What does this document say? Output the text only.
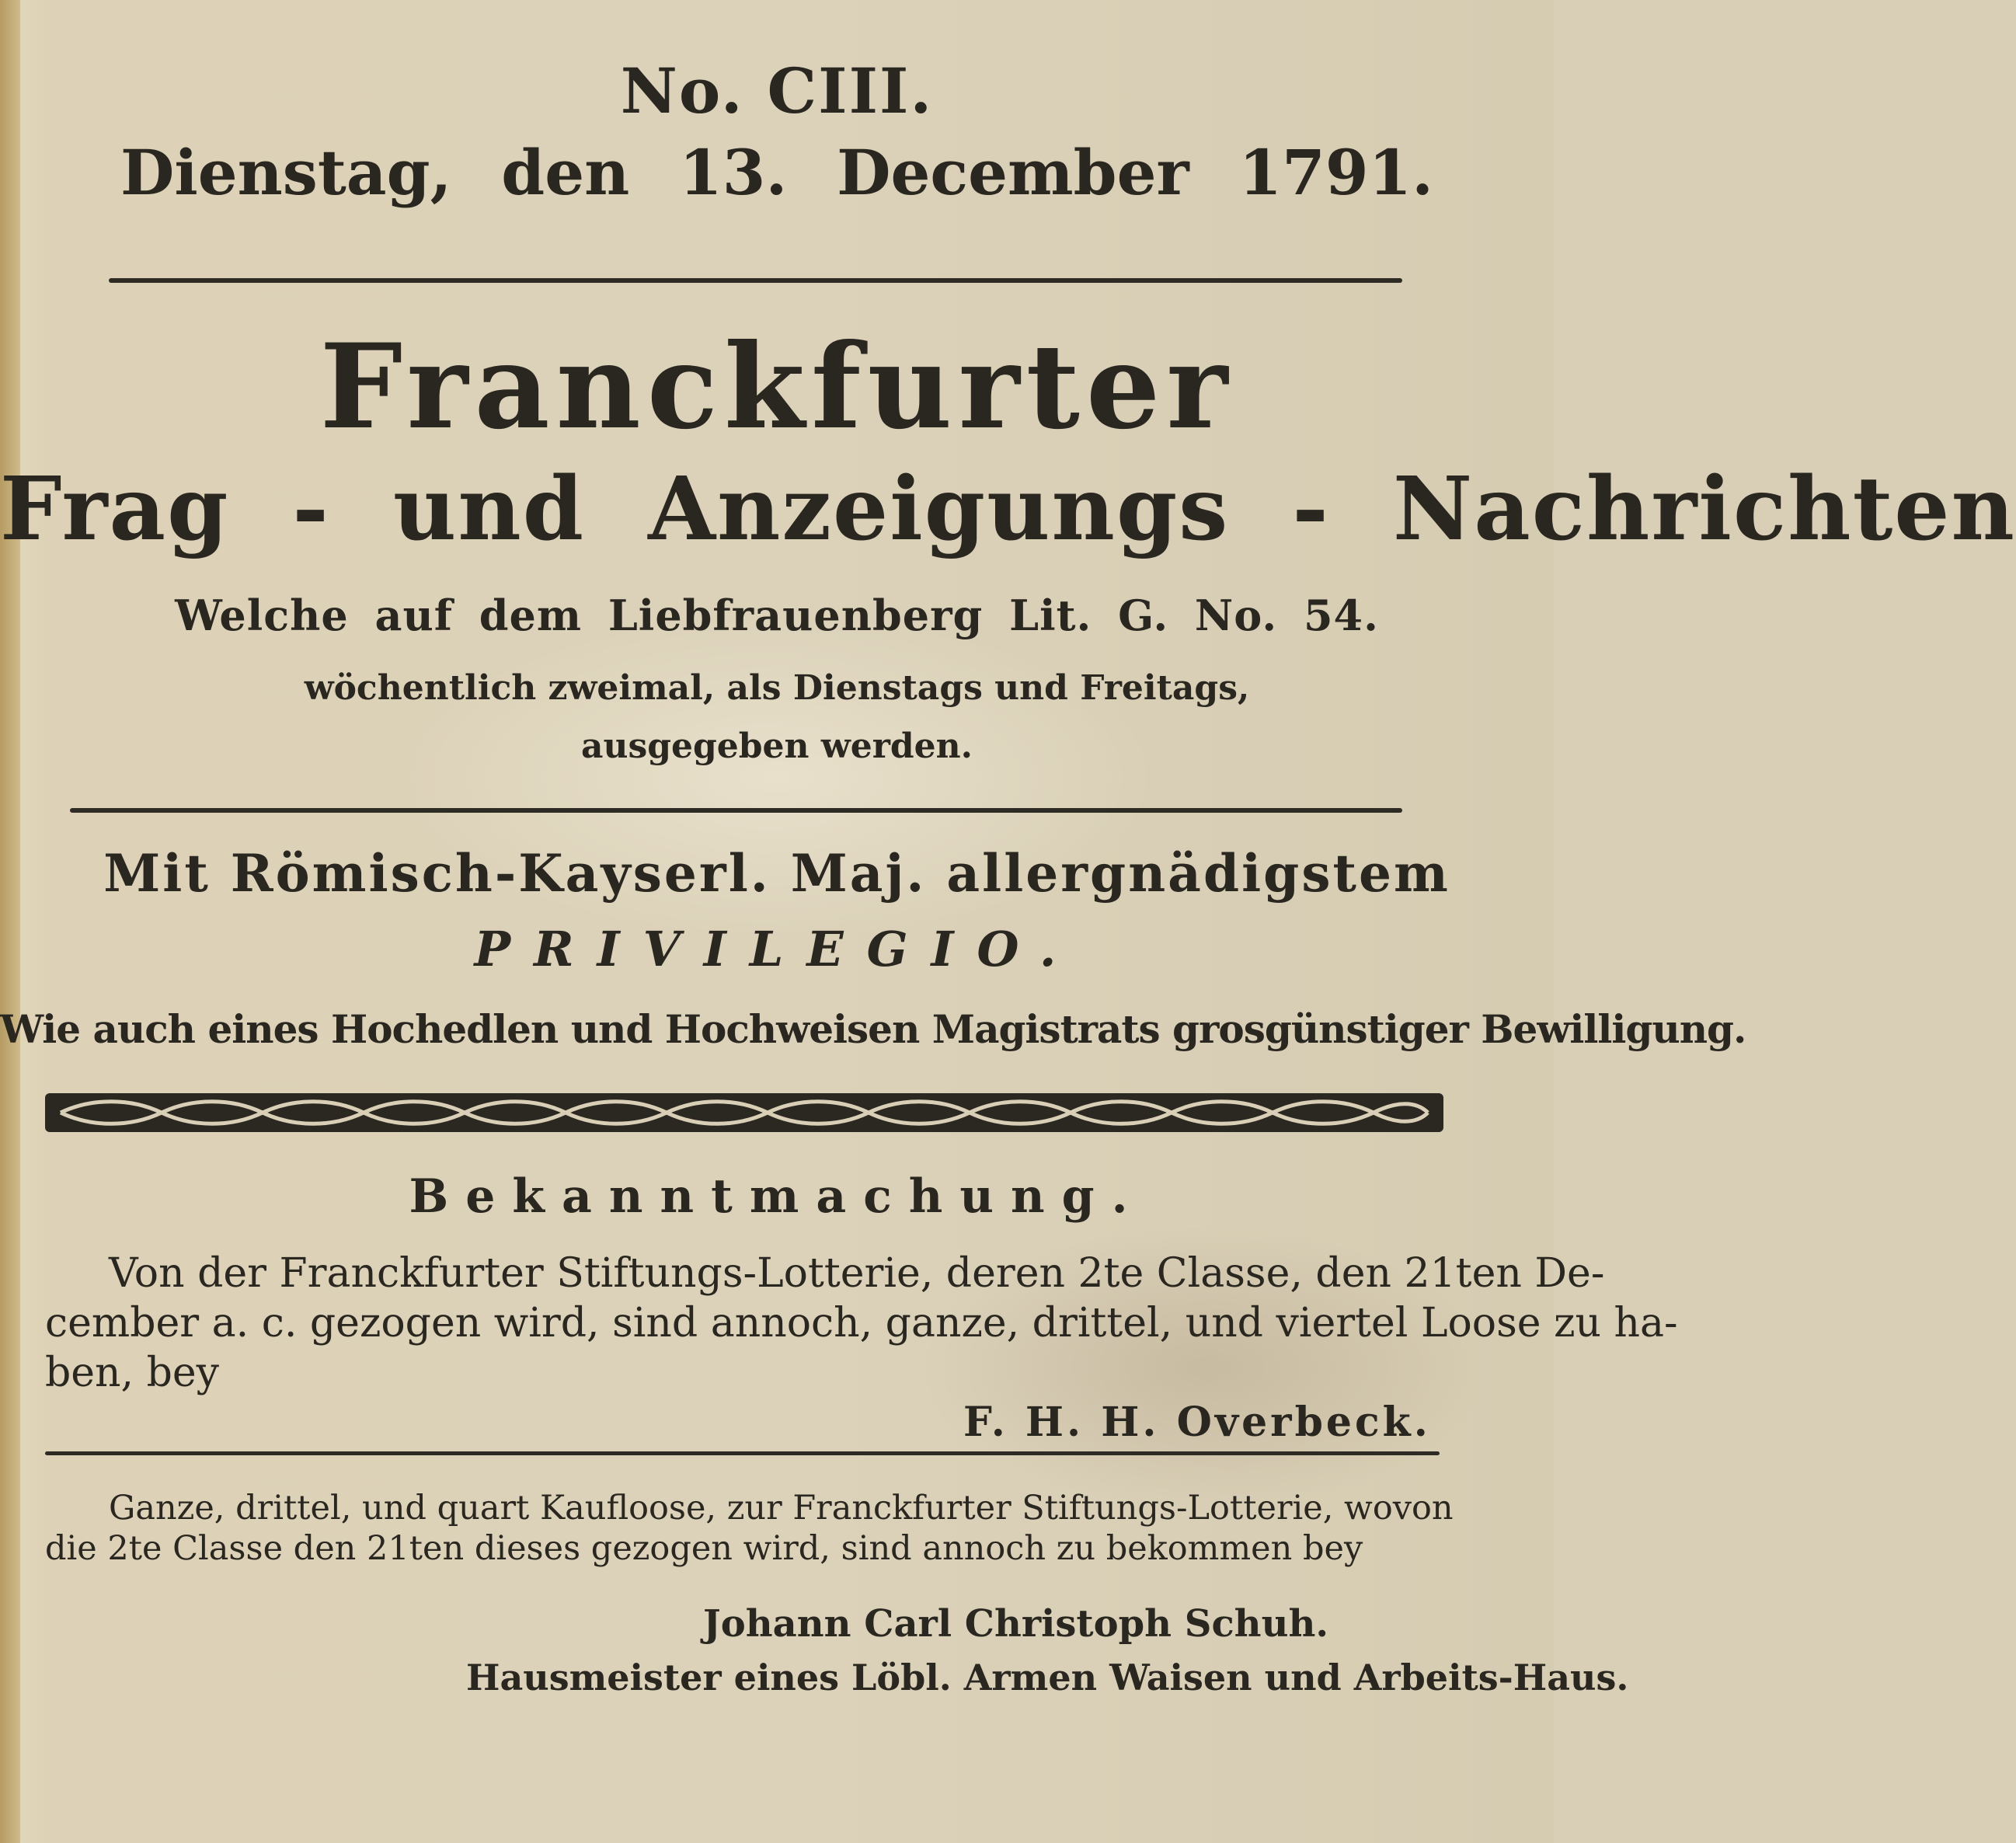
No. CIII.
Dienstag, den 13. December 1791.
Franckfurter
Frag - und Anzeigungs - Nachrichten
Welche auf dem Liebfrauenberg Lit. G. No. 54.
wöchentlich zweimal, als Dienstags und Freitags,
ausgegeben werden.
Mit Römisch-Kayserl. Maj. allergnädigstem
PRIVILEGIO.
Wie auch eines Hochedlen und Hochweisen Magistrats grosgünstiger Bewilligung.
Bekanntmachung.
Von der Franckfurter Stiftungs-Lotterie, deren 2te Classe, den 21ten De-
cember a. c. gezogen wird, sind annoch, ganze, drittel, und viertel Loose zu ha-
ben, bey
F. H. H. Overbeck.
Ganze, drittel, und quart Kaufloose, zur Franckfurter Stiftungs-Lotterie, wovon
die 2te Classe den 21ten dieses gezogen wird, sind annoch zu bekommen bey
Johann Carl Christoph Schuh.
Hausmeister eines Löbl. Armen Waisen und Arbeits-Haus.
